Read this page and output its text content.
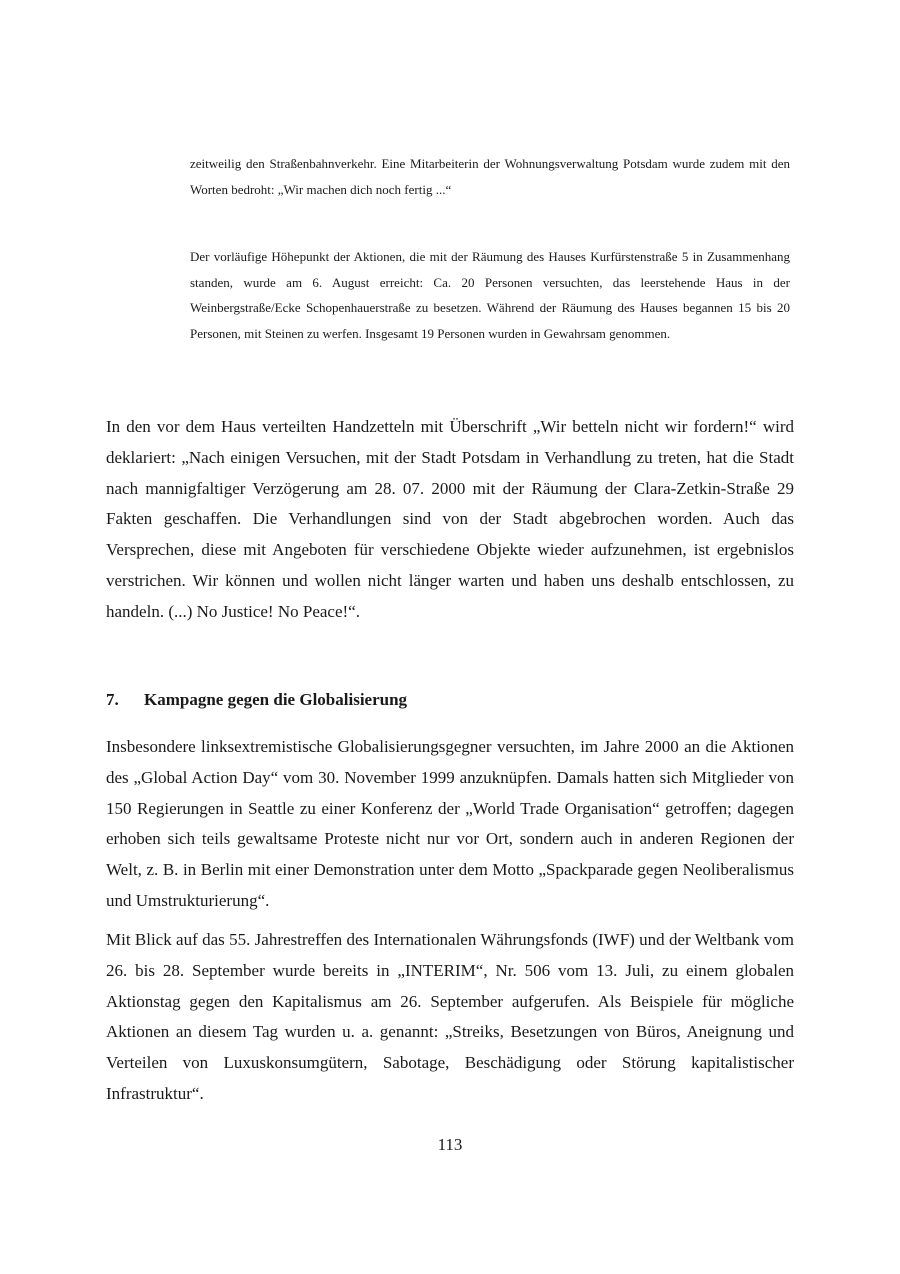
zeitweilig den Straßenbahnverkehr. Eine Mitarbeiterin der Wohnungsverwaltung Potsdam wurde zudem mit den Worten bedroht: „Wir machen dich noch fertig ...“

Der vorläufige Höhepunkt der Aktionen, die mit der Räumung des Hauses Kurfürstenstraße 5 in Zusammenhang standen, wurde am 6. August erreicht: Ca. 20 Personen versuchten, das leerstehende Haus in der Weinbergstraße/Ecke Schopenhauerstraße zu besetzen. Während der Räumung des Hauses begannen 15 bis 20 Personen, mit Steinen zu werfen. Insgesamt 19 Personen wurden in Gewahrsam genommen.

In den vor dem Haus verteilten Handzetteln mit Überschrift „Wir betteln nicht wir fordern!“ wird deklariert: „Nach einigen Versuchen, mit der Stadt Potsdam in Verhandlung zu treten, hat die Stadt nach mannigfaltiger Verzögerung am 28. 07. 2000 mit der Räumung der Clara-Zetkin-Straße 29 Fakten geschaffen. Die Verhandlungen sind von der Stadt abgebrochen worden. Auch das Versprechen, diese mit Angeboten für verschiedene Objekte wieder aufzunehmen, ist ergebnislos verstrichen. Wir können und wollen nicht länger warten und haben uns deshalb entschlossen, zu handeln. (...) No Justice! No Peace!“.

7. Kampagne gegen die Globalisierung

Insbesondere linksextremistische Globalisierungsgegner versuchten, im Jahre 2000 an die Aktionen des „Global Action Day“ vom 30. November 1999 anzuknüpfen. Damals hatten sich Mitglieder von 150 Regierungen in Seattle zu einer Konferenz der „World Trade Organisation“ getroffen; dagegen erhoben sich teils gewaltsame Proteste nicht nur vor Ort, sondern auch in anderen Regionen der Welt, z. B. in Berlin mit einer Demonstration unter dem Motto „Spackparade gegen Neoliberalismus und Umstrukturierung“.

Mit Blick auf das 55. Jahrestreffen des Internationalen Währungsfonds (IWF) und der Weltbank vom 26. bis 28. September wurde bereits in „INTERIM“, Nr. 506 vom 13. Juli, zu einem globalen Aktionstag gegen den Kapitalismus am 26. September aufgerufen. Als Beispiele für mögliche Aktionen an diesem Tag wurden u. a. genannt: „Streiks, Besetzungen von Büros, Aneignung und Verteilen von Luxuskonsumgütern, Sabotage, Beschädigung oder Störung kapitalistischer Infrastruktur“.

113
